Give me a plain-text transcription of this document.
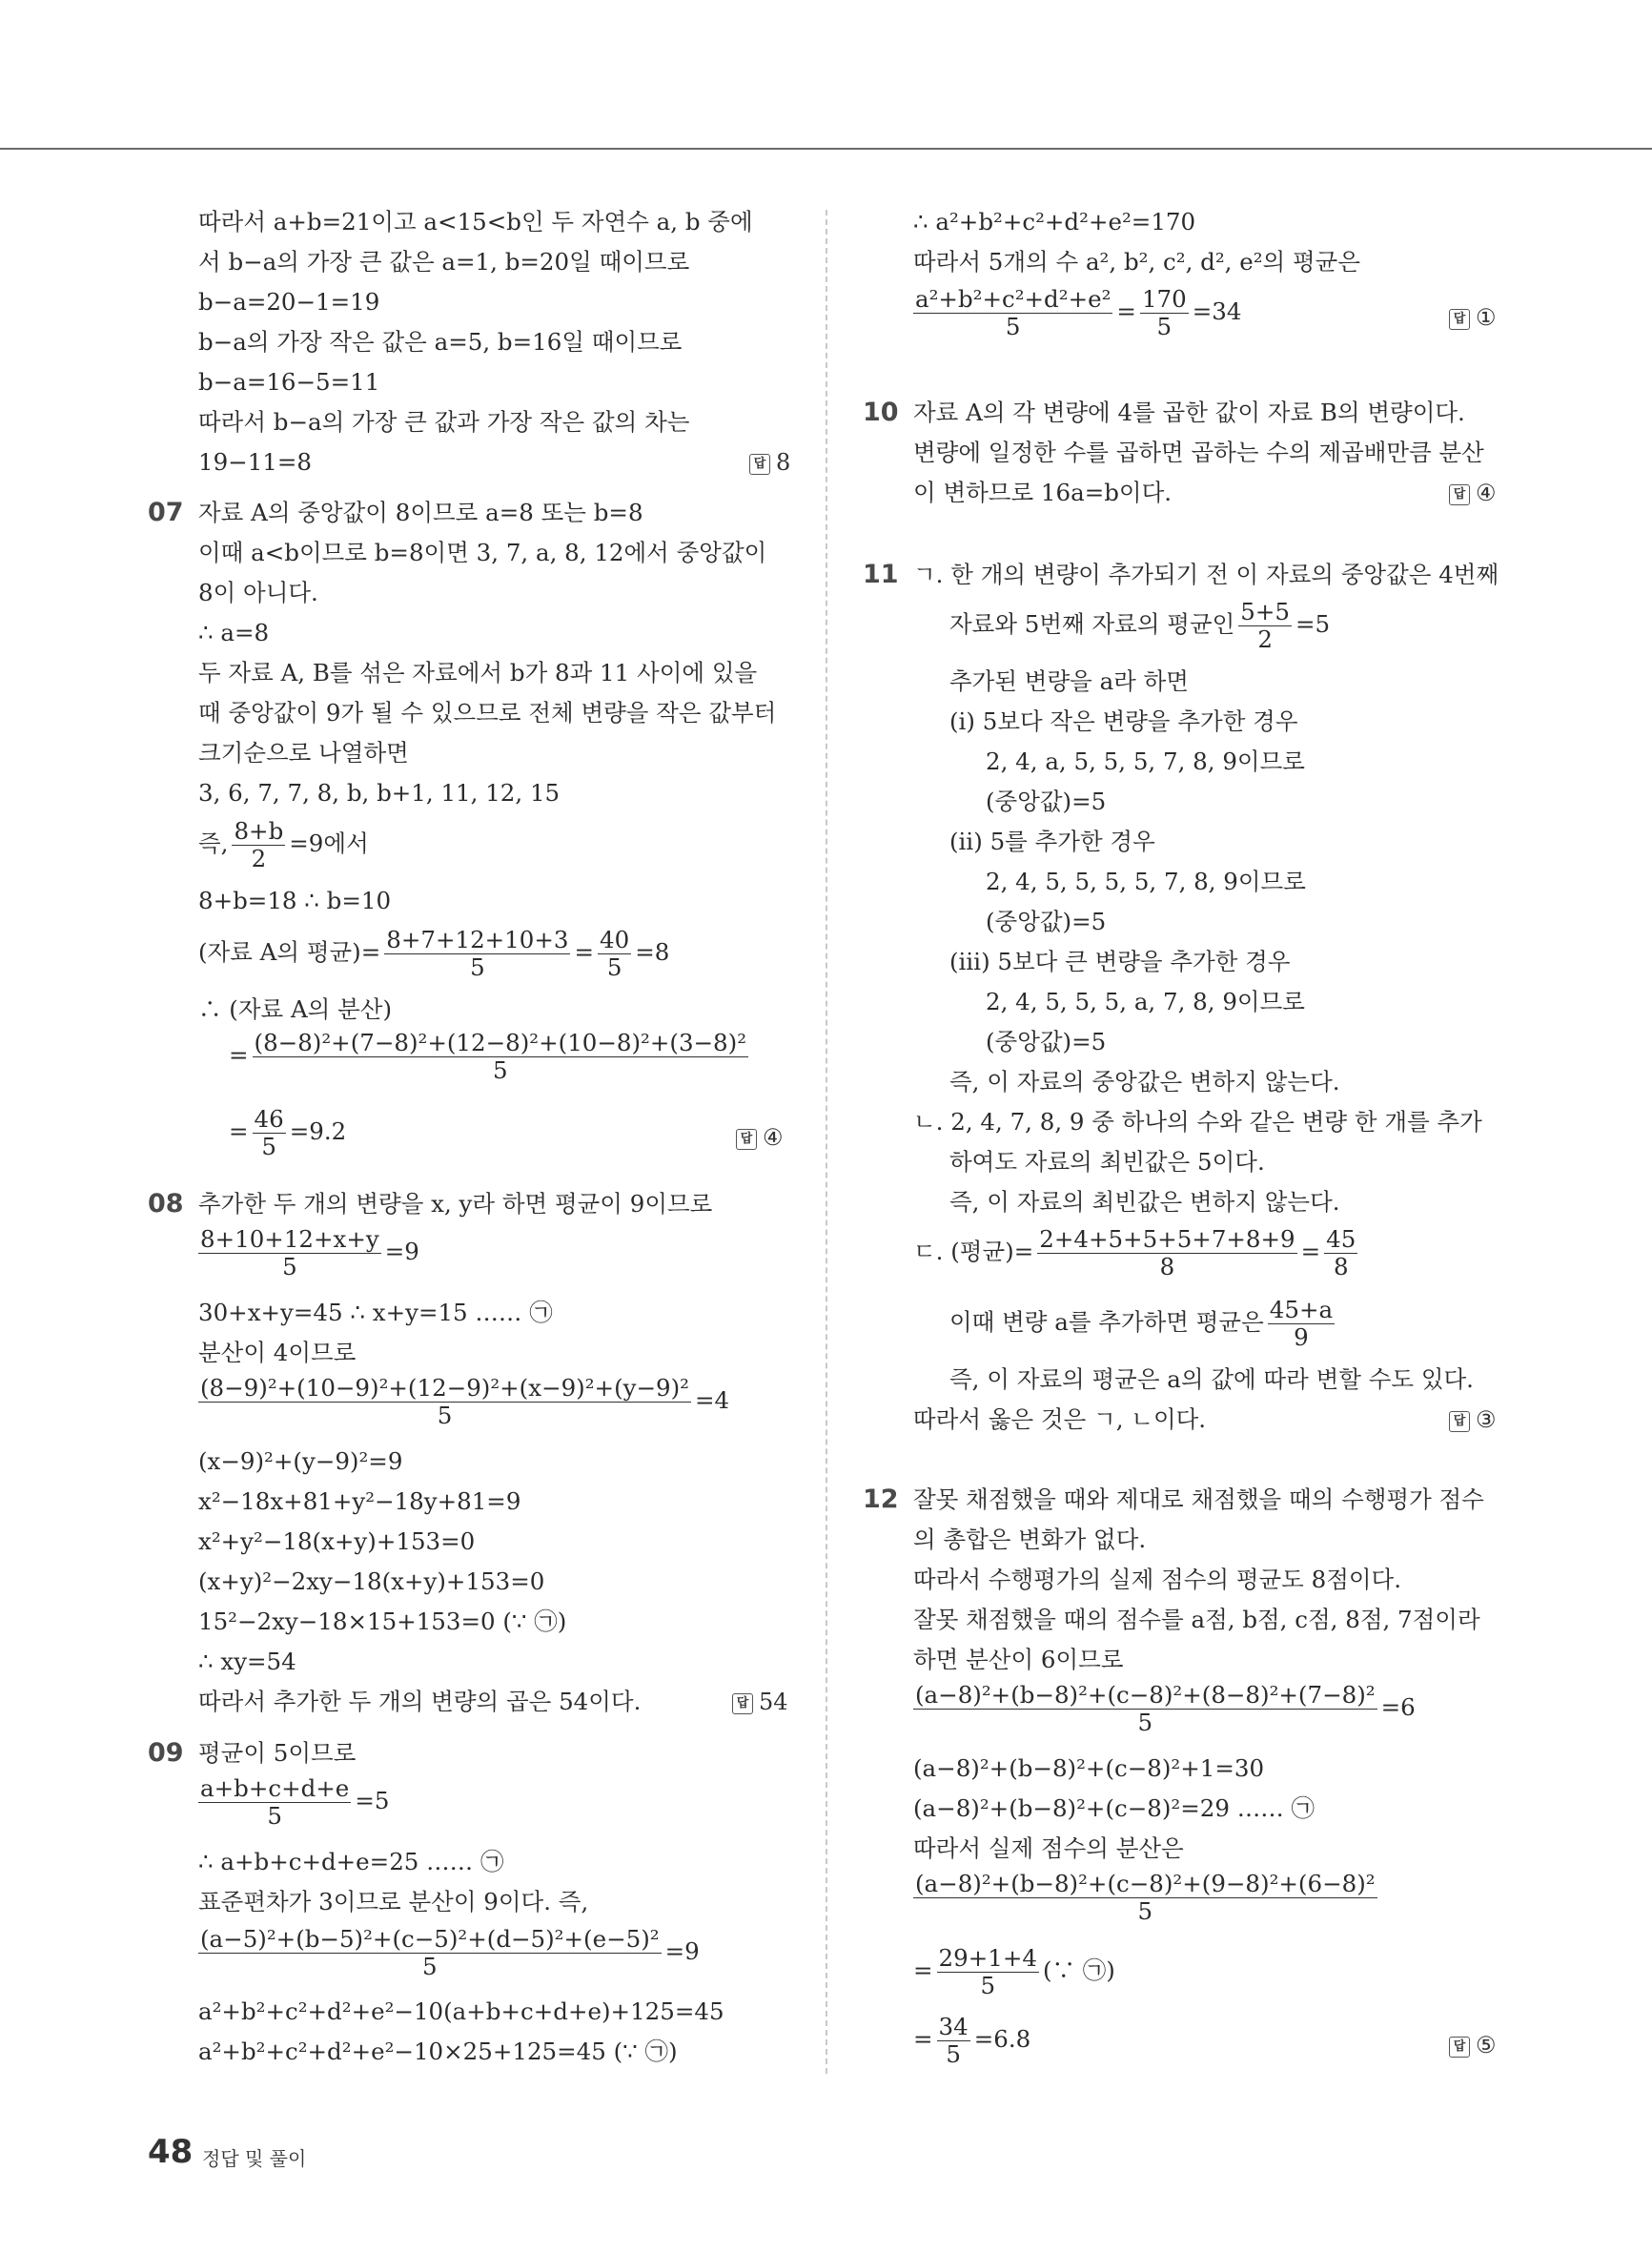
따라서 a+b=21이고 a<15<b인 두 자연수 a, b 중에
서 b−a의 가장 큰 값은 a=1, b=20일 때이므로
b−a=20−1=19
b−a의 가장 작은 값은 a=5, b=16일 때이므로
b−a=16−5=11
따라서 b−a의 가장 큰 값과 가장 작은 값의 차는
19−11=8	답 8
07 자료 A의 중앙값이 8이므로 a=8 또는 b=8
이때 a<b이므로 b=8이면 3, 7, a, 8, 12에서 중앙값이
8이 아니다.
∴ a=8
두 자료 A, B를 섞은 자료에서 b가 8과 11 사이에 있을
때 중앙값이 9가 될 수 있으므로 전체 변량을 작은 값부터
크기순으로 나열하면
3, 6, 7, 7, 8, b, b+1, 11, 12, 15
즉, $\frac{8+b}{2} =9$에서
8+b=18 ∴ b=10
(자료 A의 평균)= $\frac{8+7+12+10+3}{5} = \frac{40}{5} =8$
∴ (자료 A의 분산)
= $\frac{\text{(8−8)²+(7−8)²+(12−8)²+(10−8)²+(3−8)²}}{5}$
= $\frac{46}{5} =9.2$	답 ④
08 추가한 두 개의 변량을 x, y라 하면 평균이 9이므로
$\frac{8+10+12+x+y}{5} =9$
30+x+y=45 ∴ x+y=15 …… ㉠
분산이 4이므로
$\frac{\text{(8−9)²+(10−9)²+(12−9)²+(x−9)²+(y−9)²}}{5} =4$
(x−9)²+(y−9)²=9
x²−18x+81+y²−18y+81=9
x²+y²−18(x+y)+153=0
(x+y)²−2xy−18(x+y)+153=0
15²−2xy−18×15+153=0 (∵ ㉠)
∴ xy=54
따라서 추가한 두 개의 변량의 곱은 54이다.	답 54
09 평균이 5이므로
$\frac{a+b+c+d+e}{5} =5$
∴ a+b+c+d+e=25 …… ㉠
표준편차가 3이므로 분산이 9이다. 즉,
$\frac{\text{(a−5)²+(b−5)²+(c−5)²+(d−5)²+(e−5)²}}{5} =9$
a²+b²+c²+d²+e²−10(a+b+c+d+e)+125=45
a²+b²+c²+d²+e²−10×25+125=45 (∵ ㉠)
∴ a²+b²+c²+d²+e²=170
따라서 5개의 수 a², b², c², d², e²의 평균은
$\frac{\text{a²+b²+c²+d²+e²}}{5} = \frac{170}{5} =34$	답 ①
10 자료 A의 각 변량에 4를 곱한 값이 자료 B의 변량이다.
변량에 일정한 수를 곱하면 곱하는 수의 제곱배만큼 분산
이 변하므로 16a=b이다.	답 ④
11 ㄱ. 한 개의 변량이 추가되기 전 이 자료의 중앙값은 4번째
자료와 5번째 자료의 평균인 $\frac{5+5}{2} =5$
추가된 변량을 a라 하면
(ⅰ) 5보다 작은 변량을 추가한 경우
2, 4, a, 5, 5, 5, 7, 8, 9이므로
(중앙값)=5
(ⅱ) 5를 추가한 경우
2, 4, 5, 5, 5, 5, 7, 8, 9이므로
(중앙값)=5
(ⅲ) 5보다 큰 변량을 추가한 경우
2, 4, 5, 5, 5, a, 7, 8, 9이므로
(중앙값)=5
즉, 이 자료의 중앙값은 변하지 않는다.
ㄴ. 2, 4, 7, 8, 9 중 하나의 수와 같은 변량 한 개를 추가
하여도 자료의 최빈값은 5이다.
즉, 이 자료의 최빈값은 변하지 않는다.
ㄷ. (평균)= $\frac{2+4+5+5+5+7+8+9}{8} = \frac{45}{8}$
이때 변량 a를 추가하면 평균은 $\frac{45+a}{9}$
즉, 이 자료의 평균은 a의 값에 따라 변할 수도 있다.
따라서 옳은 것은 ㄱ, ㄴ이다.	답 ③
12 잘못 채점했을 때와 제대로 채점했을 때의 수행평가 점수
의 총합은 변화가 없다.
따라서 수행평가의 실제 점수의 평균도 8점이다.
잘못 채점했을 때의 점수를 a점, b점, c점, 8점, 7점이라
하면 분산이 6이므로
$\frac{\text{(a−8)²+(b−8)²+(c−8)²+(8−8)²+(7−8)²}}{5} =6$
(a−8)²+(b−8)²+(c−8)²+1=30
(a−8)²+(b−8)²+(c−8)²=29 …… ㉠
따라서 실제 점수의 분산은
$\frac{\text{(a−8)²+(b−8)²+(c−8)²+(9−8)²+(6−8)²}}{5}$
= $\frac{29+1+4}{5}$ (∵ ㉠)
= $\frac{34}{5} =6.8$	답 ⑤
48 정답 및 풀이
